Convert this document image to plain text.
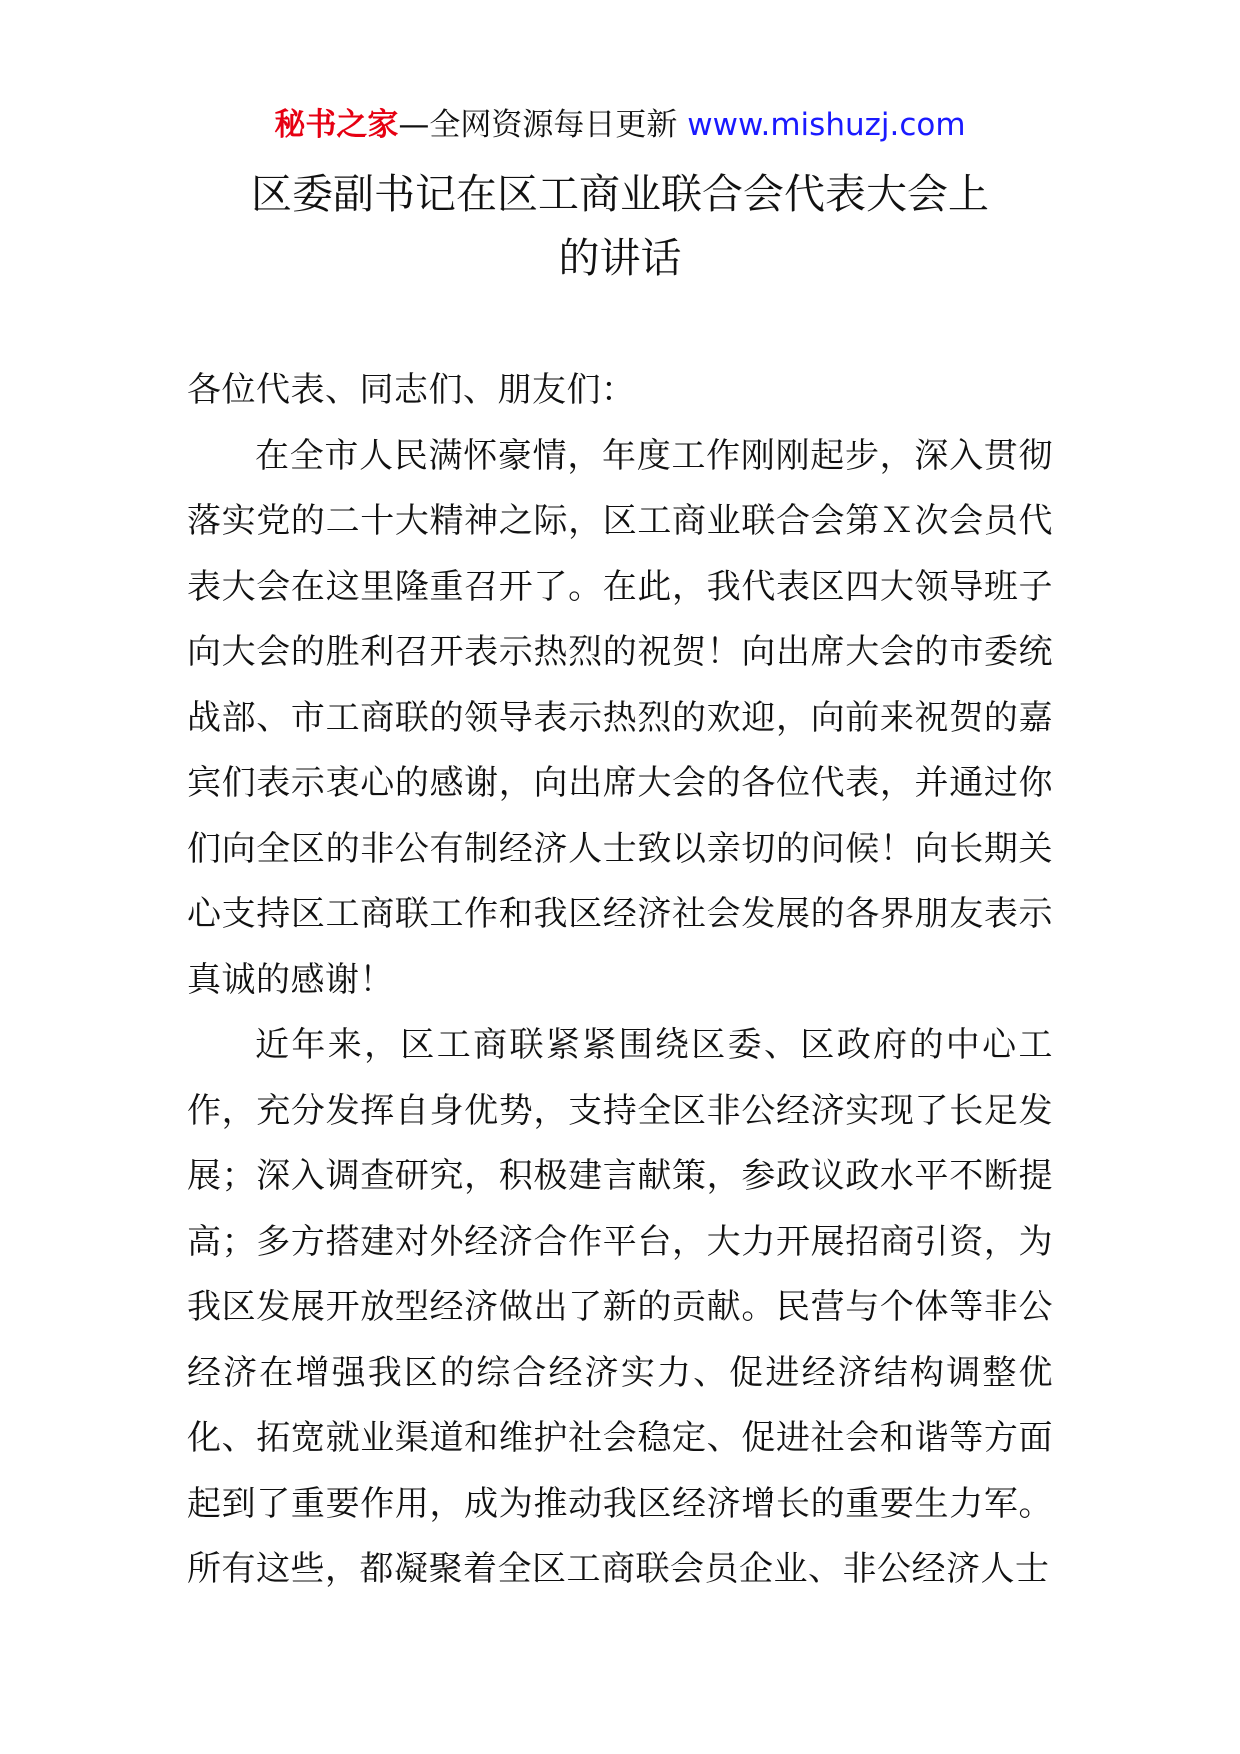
秘书之家—全网资源每日更新 www.mishuzj.com
区委副书记在区工商业联合会代表大会上
的讲话

各位代表、同志们、朋友们：

在全市人民满怀豪情，年度工作刚刚起步，深入贯彻落实党的二十大精神之际，区工商业联合会第Ｘ次会员代表大会在这里隆重召开了。在此，我代表区四大领导班子向大会的胜利召开表示热烈的祝贺！向出席大会的市委统战部、市工商联的领导表示热烈的欢迎，向前来祝贺的嘉宾们表示衷心的感谢，向出席大会的各位代表，并通过你们向全区的非公有制经济人士致以亲切的问候！向长期关心支持区工商联工作和我区经济社会发展的各界朋友表示真诚的感谢！

近年来，区工商联紧紧围绕区委、区政府的中心工作，充分发挥自身优势，支持全区非公经济实现了长足发展；深入调查研究，积极建言献策，参政议政水平不断提高；多方搭建对外经济合作平台，大力开展招商引资，为我区发展开放型经济做出了新的贡献。民营与个体等非公经济在增强我区的综合经济实力、促进经济结构调整优化、拓宽就业渠道和维护社会稳定、促进社会和谐等方面起到了重要作用，成为推动我区经济增长的重要生力军。所有这些，都凝聚着全区工商联会员企业、非公经济人士
